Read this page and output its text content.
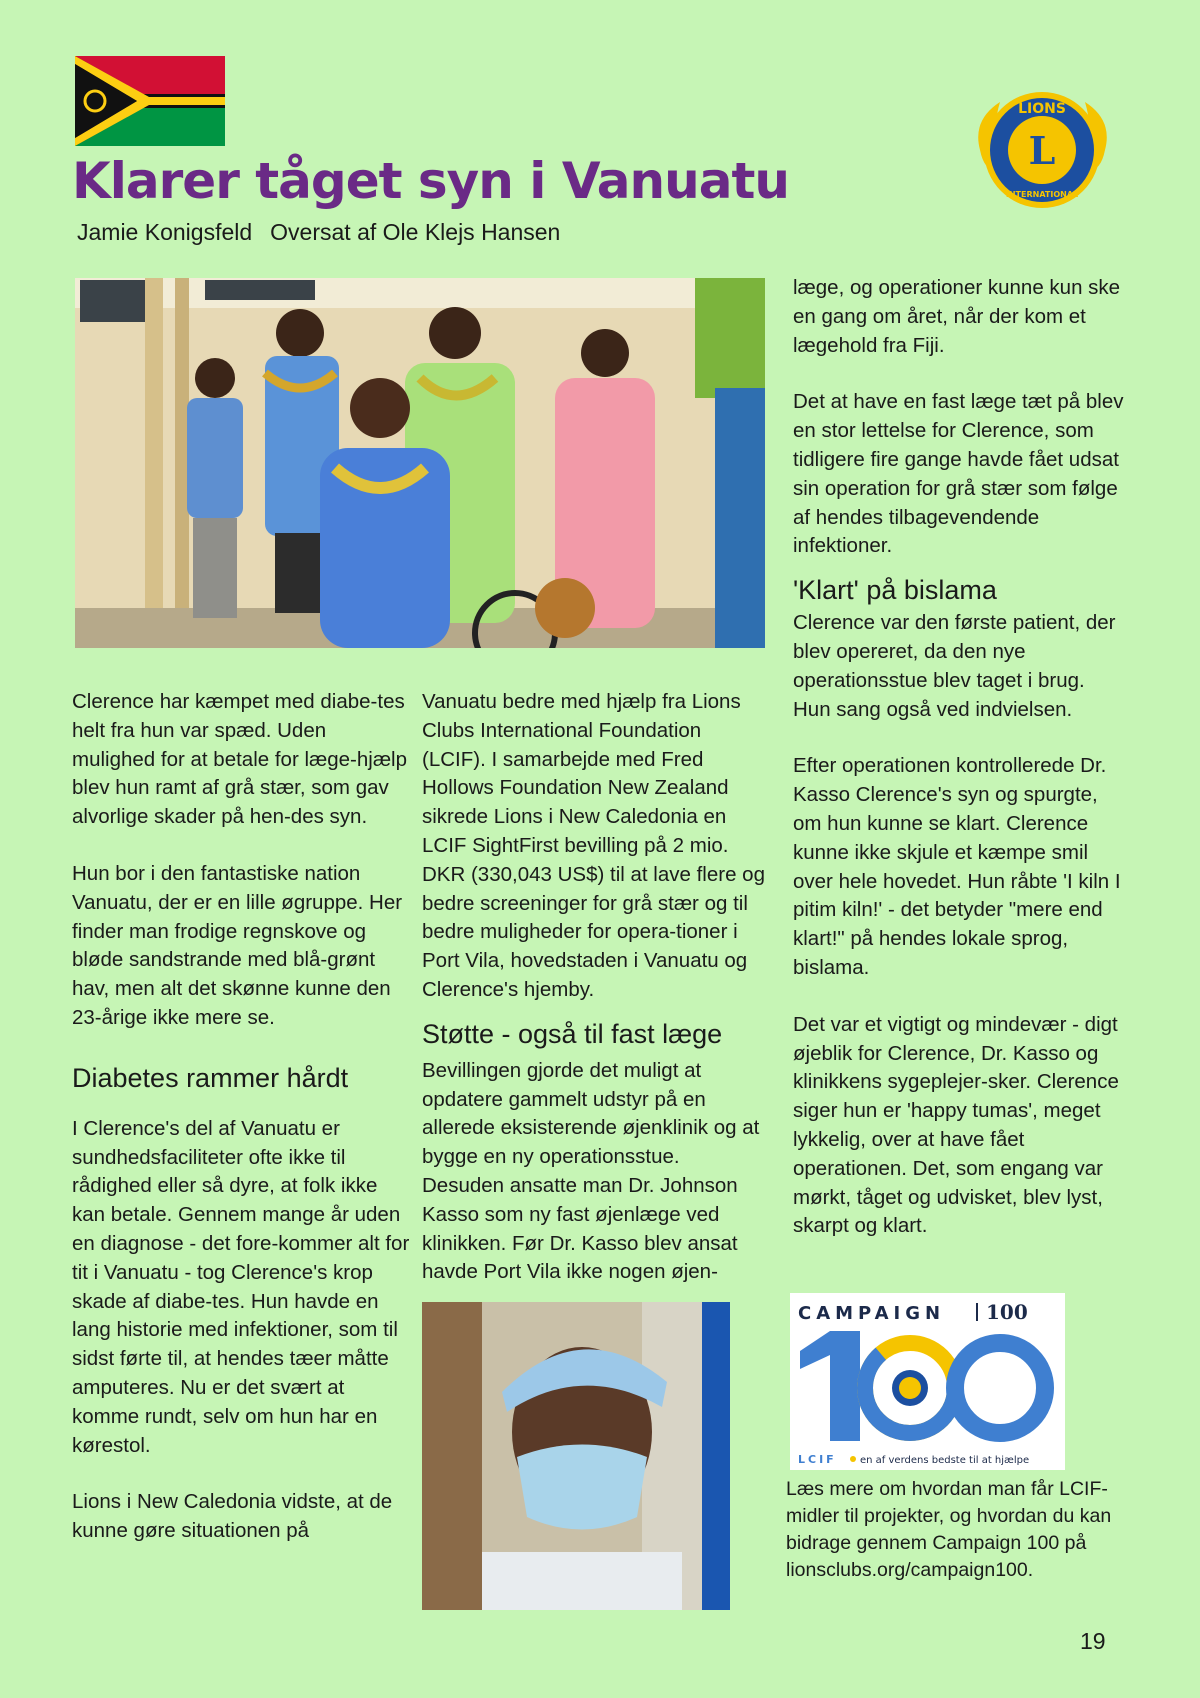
L
LIONS
INTERNATIONAL
Klarer tåget syn i Vanuatu
Jamie Konigsfeld Oversat af Ole Klejs Hansen

Clerence har kæmpet med diabe-tes helt fra hun var spæd. Uden mulighed for at betale for læge-hjælp blev hun ramt af grå stær, som gav alvorlige skader på hen-des syn.

Hun bor i den fantastiske nation Vanuatu, der er en lille øgruppe. Her finder man frodige regnskove og bløde sandstrande med blå-grønt hav, men alt det skønne kunne den 23-årige ikke mere se.

Diabetes rammer hårdt

I Clerence's del af Vanuatu er sundhedsfaciliteter ofte ikke til rådighed eller så dyre, at folk ikke kan betale. Gennem mange år uden en diagnose - det fore-kommer alt for tit i Vanuatu - tog Clerence's krop skade af diabe-tes. Hun havde en lang historie med infektioner, som til sidst førte til, at hendes tæer måtte amputeres. Nu er det svært at komme rundt, selv om hun har en kørestol.

Lions i New Caledonia vidste, at de kunne gøre situationen på

Vanuatu bedre med hjælp fra Lions Clubs International Foundation (LCIF). I samarbejde med Fred Hollows Foundation New Zealand sikrede Lions i New Caledonia en LCIF SightFirst bevilling på 2 mio. DKR (330,043 US$) til at lave flere og bedre screeninger for grå stær og til bedre muligheder for opera-tioner i Port Vila, hovedstaden i Vanuatu og Clerence's hjemby.

Støtte - også til fast læge

Bevillingen gjorde det muligt at opdatere gammelt udstyr på en allerede eksisterende øjenklinik og at bygge en ny operationsstue. Desuden ansatte man Dr. Johnson Kasso som ny fast øjenlæge ved klinikken. Før Dr. Kasso blev ansat havde Port Vila ikke nogen øjen-

læge, og operationer kunne kun ske en gang om året, når der kom et lægehold fra Fiji.

Det at have en fast læge tæt på blev en stor lettelse for Clerence, som tidligere fire gange havde fået udsat sin operation for grå stær som følge af hendes tilbagevendende infektioner.

'Klart' på bislama

Clerence var den første patient, der blev opereret, da den nye operationsstue blev taget i brug. Hun sang også ved indvielsen.

Efter operationen kontrollerede Dr. Kasso Clerence's syn og spurgte, om hun kunne se klart. Clerence kunne ikke skjule et kæmpe smil over hele hovedet. Hun råbte 'I kiln I pitim kiln!' - det betyder "mere end klart!" på hendes lokale sprog, bislama.

Det var et vigtigt og mindevær - digt øjeblik for Clerence, Dr. Kasso og klinikkens sygeplejer-sker. Clerence siger hun er 'happy tumas', meget lykkelig, over at have fået operationen. Det, som engang var mørkt, tåget og udvisket, blev lyst, skarpt og klart.

CAMPAIGN 100
LCIF en af verdens bedste til at hjælpe
Læs mere om hvordan man får LCIF-midler til projekter, og hvordan du kan bidrage gennem Campaign 100 på lionsclubs.org/campaign100.
19
